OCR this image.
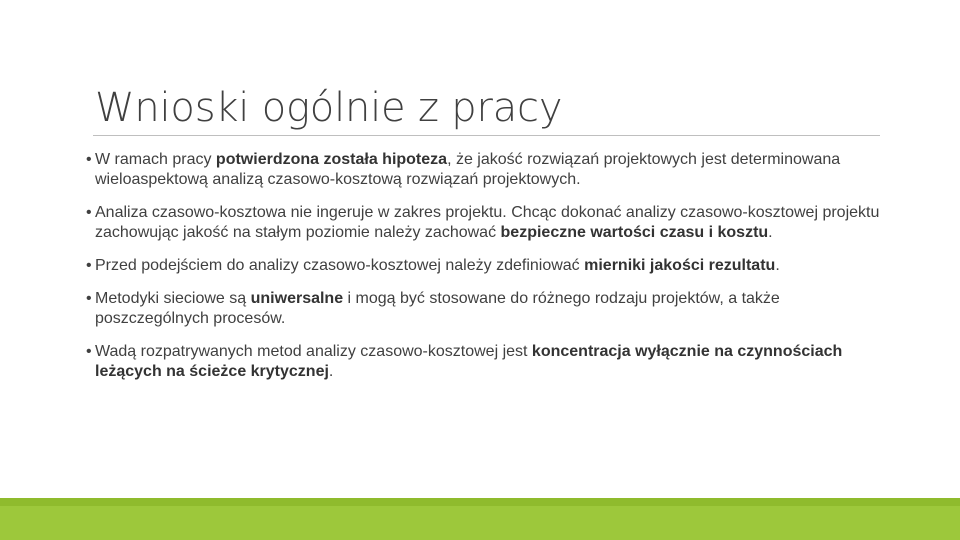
Wnioski ogólnie z pracy
• W ramach pracy potwierdzona została hipoteza, że jakość rozwiązań projektowych jest determinowana wieloaspektową analizą czasowo-kosztową rozwiązań projektowych.
• Analiza czasowo-kosztowa nie ingeruje w zakres projektu. Chcąc dokonać analizy czasowo-kosztowej projektu zachowując jakość na stałym poziomie należy zachować bezpieczne wartości czasu i kosztu.
• Przed podejściem do analizy czasowo-kosztowej należy zdefiniować mierniki jakości rezultatu.
• Metodyki sieciowe są uniwersalne i mogą być stosowane do różnego rodzaju projektów, a także poszczególnych procesów.
• Wadą rozpatrywanych metod analizy czasowo-kosztowej jest koncentracja wyłącznie na czynnościach leżących na ścieżce krytycznej.
